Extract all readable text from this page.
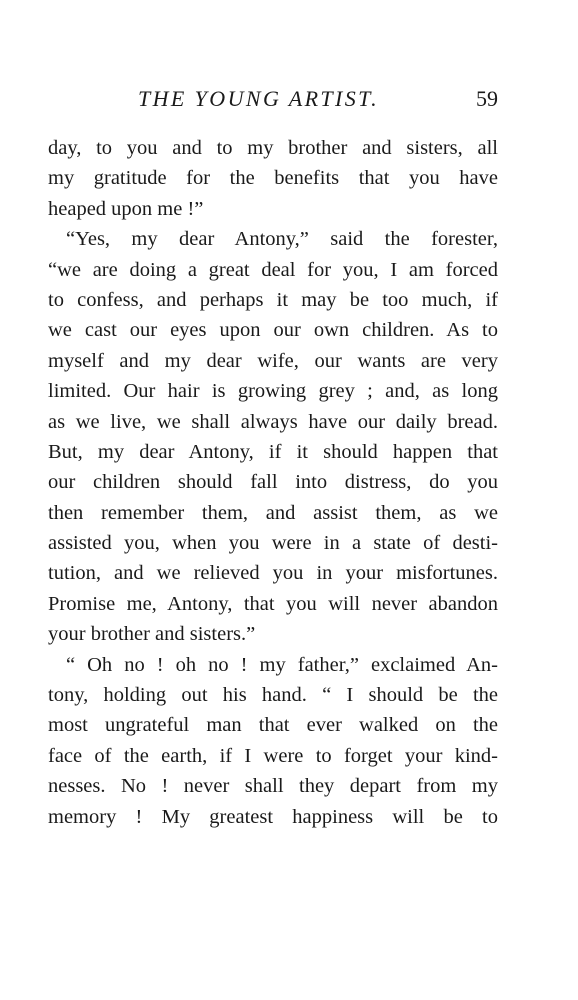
THE YOUNG ARTIST.	59
day, to you and to my brother and sisters, all
my gratitude for the benefits that you have
heaped upon me !”
“Yes, my dear Antony,” said the forester,
“we are doing a great deal for you, I am forced
to confess, and perhaps it may be too much, if
we cast our eyes upon our own children. As to
myself and my dear wife, our wants are very
limited. Our hair is growing grey ; and, as long
as we live, we shall always have our daily bread.
But, my dear Antony, if it should happen that
our children should fall into distress, do you
then remember them, and assist them, as we
assisted you, when you were in a state of desti-
tution, and we relieved you in your misfortunes.
Promise me, Antony, that you will never abandon
your brother and sisters.”
“ Oh no ! oh no ! my father,” exclaimed An-
tony, holding out his hand. “ I should be the
most ungrateful man that ever walked on the
face of the earth, if I were to forget your kind-
nesses. No ! never shall they depart from my
memory ! My greatest happiness will be to
